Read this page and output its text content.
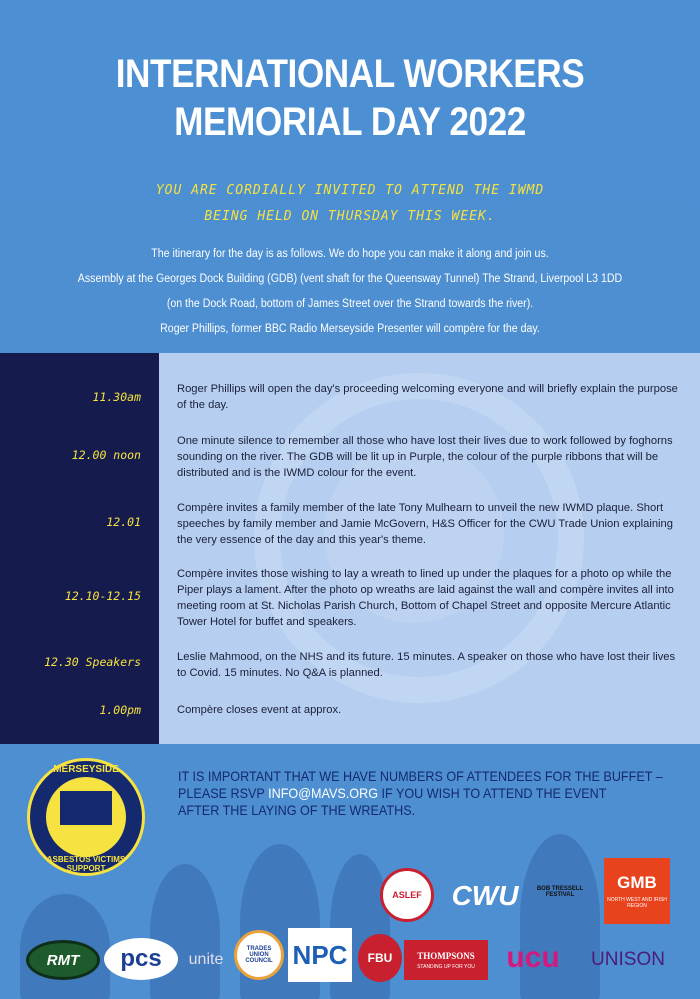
INTERNATIONAL WORKERS
MEMORIAL DAY 2022
YOU ARE CORDIALLY INVITED TO ATTEND THE IWMD
BEING HELD ON THURSDAY THIS WEEK.
The itinerary for the day is as follows. We do hope you can make it along and join us.
Assembly at the Georges Dock Building (GDB) (vent shaft for the Queensway Tunnel) The Strand, Liverpool L3 1DD
(on the Dock Road, bottom of James Street over the Strand towards the river).
Roger Phillips, former BBC Radio Merseyside Presenter will compère for the day.
11.30am
Roger Phillips will open the day's proceeding welcoming everyone and will briefly explain the purpose of the day.
12.00 noon
One minute silence to remember all those who have lost their lives due to work followed by foghorns sounding on the river. The GDB will be lit up in Purple, the colour of the purple ribbons that will be distributed and is the IWMD colour for the event.
12.01
Compère invites a family member of the late Tony Mulhearn to unveil the new IWMD plaque. Short speeches by family member and Jamie McGovern, H&S Officer for the CWU Trade Union explaining the very essence of the day and this year's theme.
12.10-12.15
Compère invites those wishing to lay a wreath to lined up under the plaques for a photo op while the Piper plays a lament. After the photo op wreaths are laid against the wall and compère invites all into meeting room at St. Nicholas Parish Church, Bottom of Chapel Street and opposite Mercure Atlantic Tower Hotel for buffet and speakers.
12.30 Speakers	Leslie Mahmood, on the NHS and its future. 15 minutes. A speaker on those who have lost their lives to Covid. 15 minutes. No Q&A is planned.
1.00pm	Compère closes event at approx.
MERSEYSIDE
ASBESTOS VICTIMS SUPPORT
IT IS IMPORTANT THAT WE HAVE NUMBERS OF ATTENDEES FOR THE BUFFET –
PLEASE RSVP INFO@MAVS.ORG IF YOU WISH TO ATTEND THE EVENT
AFTER THE LAYING OF THE WREATHS.
ASLEF CWU	BOB TRESSELL FESTIVAL
GMB
NORTH WEST AND IRISH REGION
RMT pcs unite
TRADES UNION COUNCIL NPC FBU	THOMPSONS
STANDING UP FOR YOU ucu UNISON
